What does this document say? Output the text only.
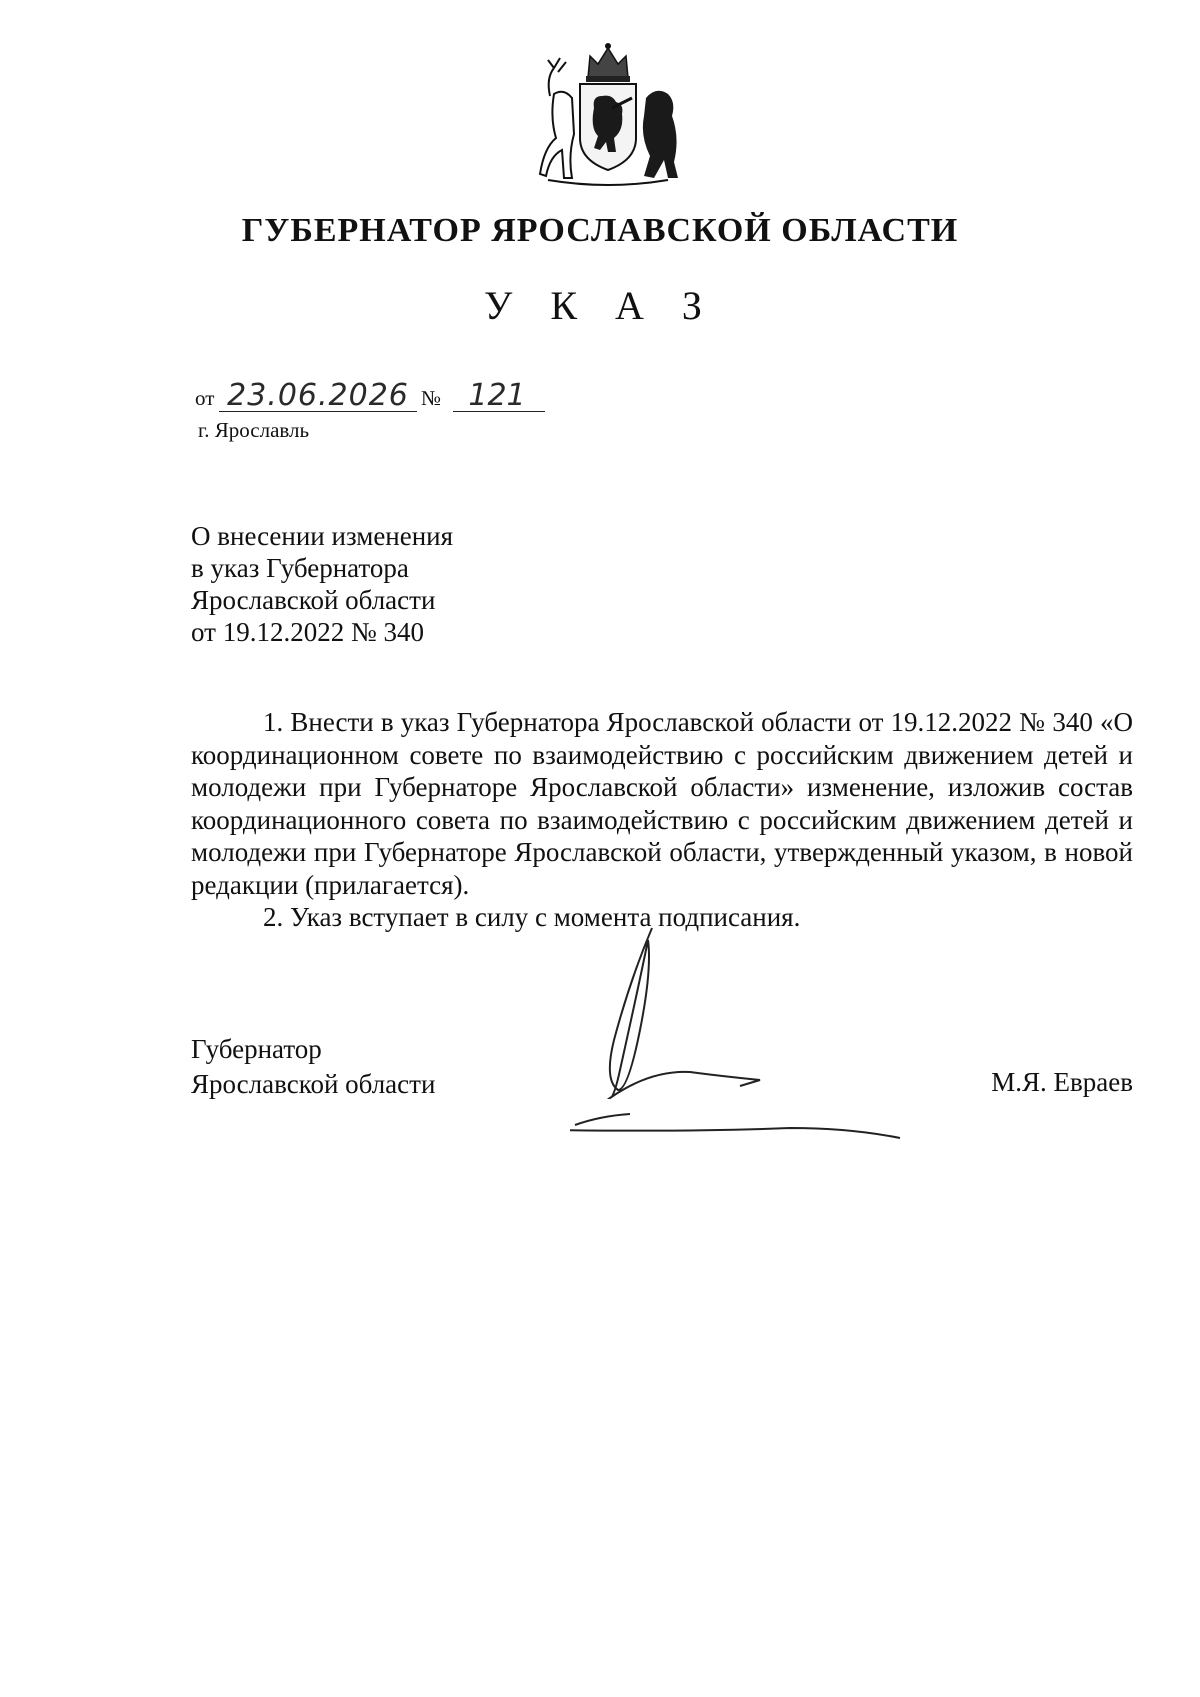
ГУБЕРНАТОР ЯРОСЛАВСКОЙ ОБЛАСТИ
У К А З
от 23.06.2026 № 121
г. Ярославль
О внесении изменения
в указ Губернатора
Ярославской области
от 19.12.2022 № 340

1. Внести в указ Губернатора Ярославской области от 19.12.2022 № 340 «О координационном совете по взаимодействию с российским движением детей и молодежи при Губернаторе Ярославской области» изменение, изложив состав координационного совета по взаимодействию с российским движением детей и молодежи при Губернаторе Ярославской области, утвержденный указом, в новой редакции (прилагается).

2. Указ вступает в силу с момента подписания.

Губернатор
Ярославской области	М.Я. Евраев
